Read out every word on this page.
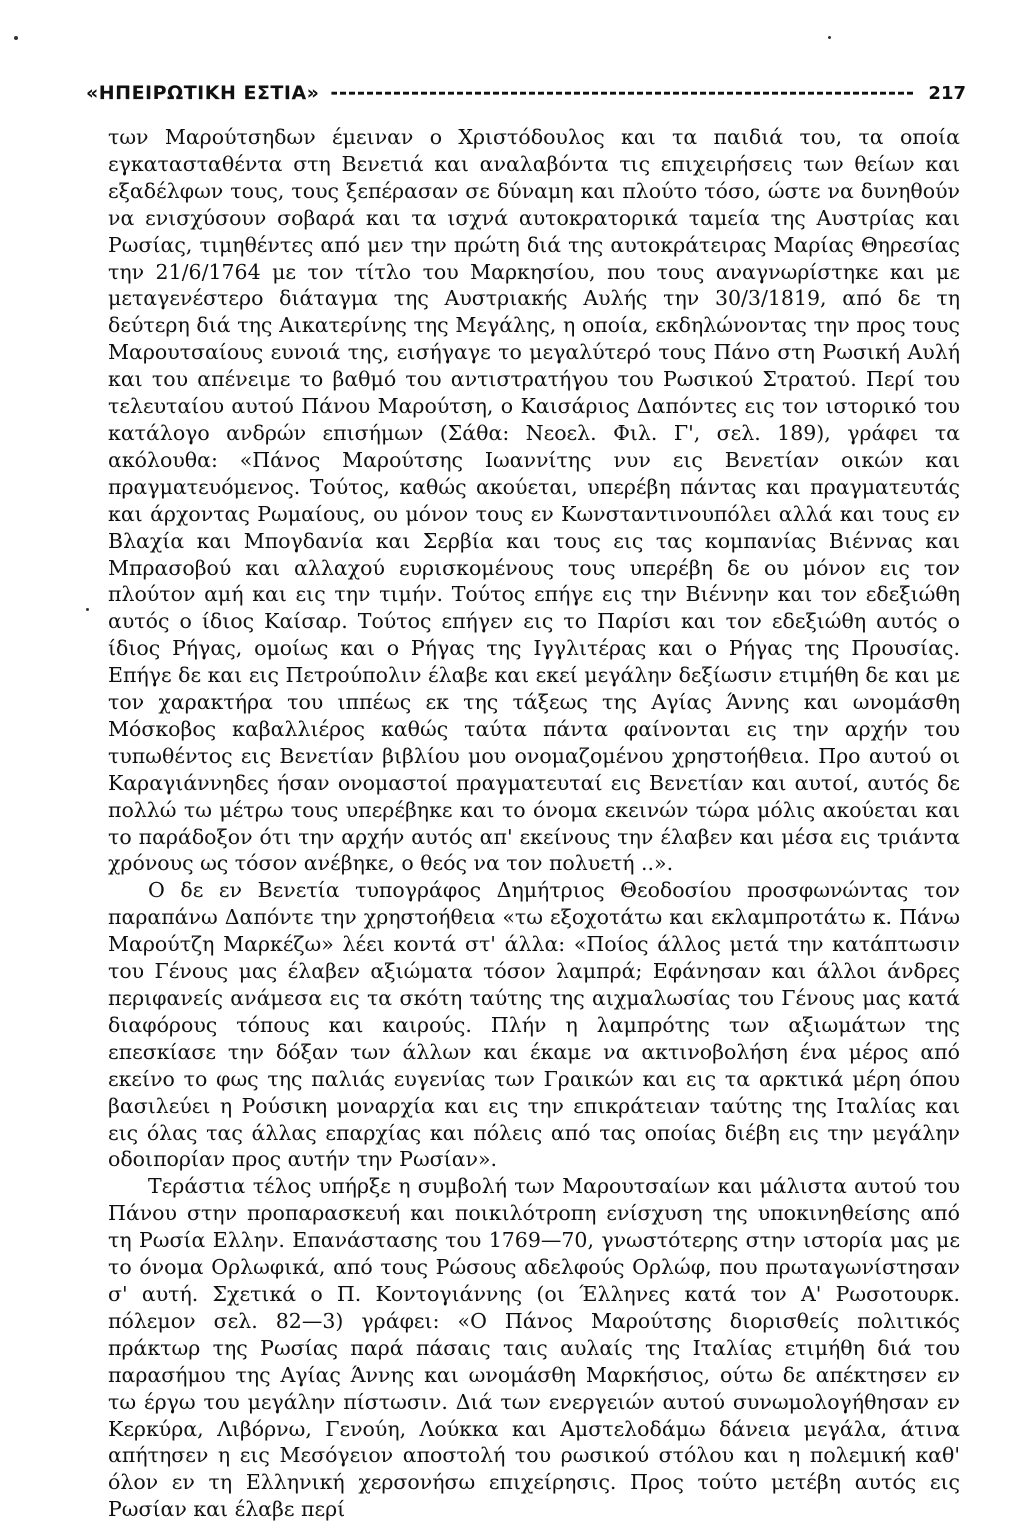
«ΗΠΕΙΡΩΤΙΚΗ ΕΣΤΙΑ»	217

των Μαρούτσηδων έμειναν ο Χριστόδουλος και τα παιδιά του, τα οποία εγκατασταθέντα στη Βενετιά και αναλαβόντα τις επιχειρήσεις των θείων και εξαδέλφων τους, τους ξεπέρασαν σε δύναμη και πλούτο τόσο, ώστε να δυνηθούν να ενισχύσουν σοβαρά και τα ισχνά αυτοκρατορικά ταμεία της Αυστρίας και Ρωσίας, τιμηθέντες από μεν την πρώτη διά της αυτοκράτειρας Μαρίας Θηρεσίας την 21/6/1764 με τον τίτλο του Μαρκησίου, που τους αναγνωρίστηκε και με μεταγενέστερο διάταγμα της Αυστριακής Αυλής την 30/3/1819, από δε τη δεύτερη διά της Αικατερίνης της Μεγάλης, η οποία, εκδηλώνοντας την προς τους Μαρουτσαίους ευνοιά της, εισήγαγε το μεγαλύτερό τους Πάνο στη Ρωσική Αυλή και του απένειμε το βαθμό του αντιστρατήγου του Ρωσικού Στρατού. Περί του τελευταίου αυτού Πάνου Μαρούτση, ο Καισάριος Δαπόντες εις τον ιστορικό του κατάλογο ανδρών επισήμων (Σάθα: Νεοελ. Φιλ. Γ', σελ. 189), γράφει τα ακόλουθα: «Πάνος Μαρούτσης Ιωαννίτης νυν εις Βενετίαν οικών και πραγματευόμενος. Τούτος, καθώς ακούεται, υπερέβη πάντας και πραγματευτάς και άρχοντας Ρωμαίους, ου μόνον τους εν Κωνσταντινουπόλει αλλά και τους εν Βλαχία και Μπογδανία και Σερβία και τους εις τας κομπανίας Βιέννας και Μπρασοβού και αλλαχού ευρισκομένους τους υπερέβη δε ου μόνον εις τον πλούτον αμή και εις την τιμήν. Τούτος επήγε εις την Βιέννην και τον εδεξιώθη αυτός ο ίδιος Καίσαρ. Τούτος επήγεν εις το Παρίσι και τον εδεξιώθη αυτός ο ίδιος Ρήγας, ομοίως και ο Ρήγας της Ιγγλιτέρας και ο Ρήγας της Προυσίας. Επήγε δε και εις Πετρούπολιν έλαβε και εκεί μεγάλην δεξίωσιν ετιμήθη δε και με τον χαρακτήρα του ιππέως εκ της τάξεως της Αγίας Άννης και ωνομάσθη Μόσκοβος καβαλλιέρος καθώς ταύτα πάντα φαίνονται εις την αρχήν του τυπωθέντος εις Βενετίαν βιβλίου μου ονομαζομένου χρηστοήθεια. Προ αυτού οι Καραγιάννηδες ήσαν ονομαστοί πραγματευταί εις Βενετίαν και αυτοί, αυτός δε πολλώ τω μέτρω τους υπερέβηκε και το όνομα εκεινών τώρα μόλις ακούεται και το παράδοξον ότι την αρχήν αυτός απ' εκείνους την έλαβεν και μέσα εις τριάντα χρόνους ως τόσον ανέβηκε, ο θεός να τον πολυετή ..».

Ο δε εν Βενετία τυπογράφος Δημήτριος Θεοδοσίου προσφωνώντας τον παραπάνω Δαπόντε την χρηστοήθεια «τω εξοχοτάτω και εκλαμπροτάτω κ. Πάνω Μαρούτζη Μαρκέζω» λέει κοντά στ' άλλα: «Ποίος άλλος μετά την κατάπτωσιν του Γένους μας έλαβεν αξιώματα τόσον λαμπρά; Εφάνησαν και άλλοι άνδρες περιφανείς ανάμεσα εις τα σκότη ταύτης της αιχμαλωσίας του Γένους μας κατά διαφόρους τόπους και καιρούς. Πλήν η λαμπρότης των αξιωμάτων της επεσκίασε την δόξαν των άλλων και έκαμε να ακτινοβολήση ένα μέρος από εκείνο το φως της παλιάς ευγενίας των Γραικών και εις τα αρκτικά μέρη όπου βασιλεύει η Ρούσικη μοναρχία και εις την επικράτειαν ταύτης της Ιταλίας και εις όλας τας άλλας επαρχίας και πόλεις από τας οποίας διέβη εις την μεγάλην οδοιπορίαν προς αυτήν την Ρωσίαν».

Τεράστια τέλος υπήρξε η συμβολή των Μαρουτσαίων και μάλιστα αυτού του Πάνου στην προπαρασκευή και ποικιλότροπη ενίσχυση της υποκινηθείσης από τη Ρωσία Ελλην. Επανάστασης του 1769—70, γνωστότερης στην ιστορία μας με το όνομα Ορλωφικά, από τους Ρώσους αδελφούς Ορλώφ, που πρωταγωνίστησαν σ' αυτή. Σχετικά ο Π. Κοντογιάννης (οι Έλληνες κατά τον Α' Ρωσοτουρκ. πόλεμον σελ. 82—3) γράφει: «Ο Πάνος Μαρούτσης διορισθείς πολιτικός πράκτωρ της Ρωσίας παρά πάσαις ταις αυλαίς της Ιταλίας ετιμήθη διά του παρασήμου της Αγίας Άννης και ωνομάσθη Μαρκήσιος, ούτω δε απέκτησεν εν τω έργω του μεγάλην πίστωσιν. Διά των ενεργειών αυτού συνωμολογήθησαν εν Κερκύρα, Λιβόρνω, Γενούη, Λούκκα και Αμστελοδάμω δάνεια μεγάλα, άτινα απήτησεν η εις Μεσόγειον αποστολή του ρωσικού στόλου και η πολεμική καθ' όλον εν τη Ελληνική χερσονήσω επιχείρησις. Προς τούτο μετέβη αυτός εις Ρωσίαν και έλαβε περί
